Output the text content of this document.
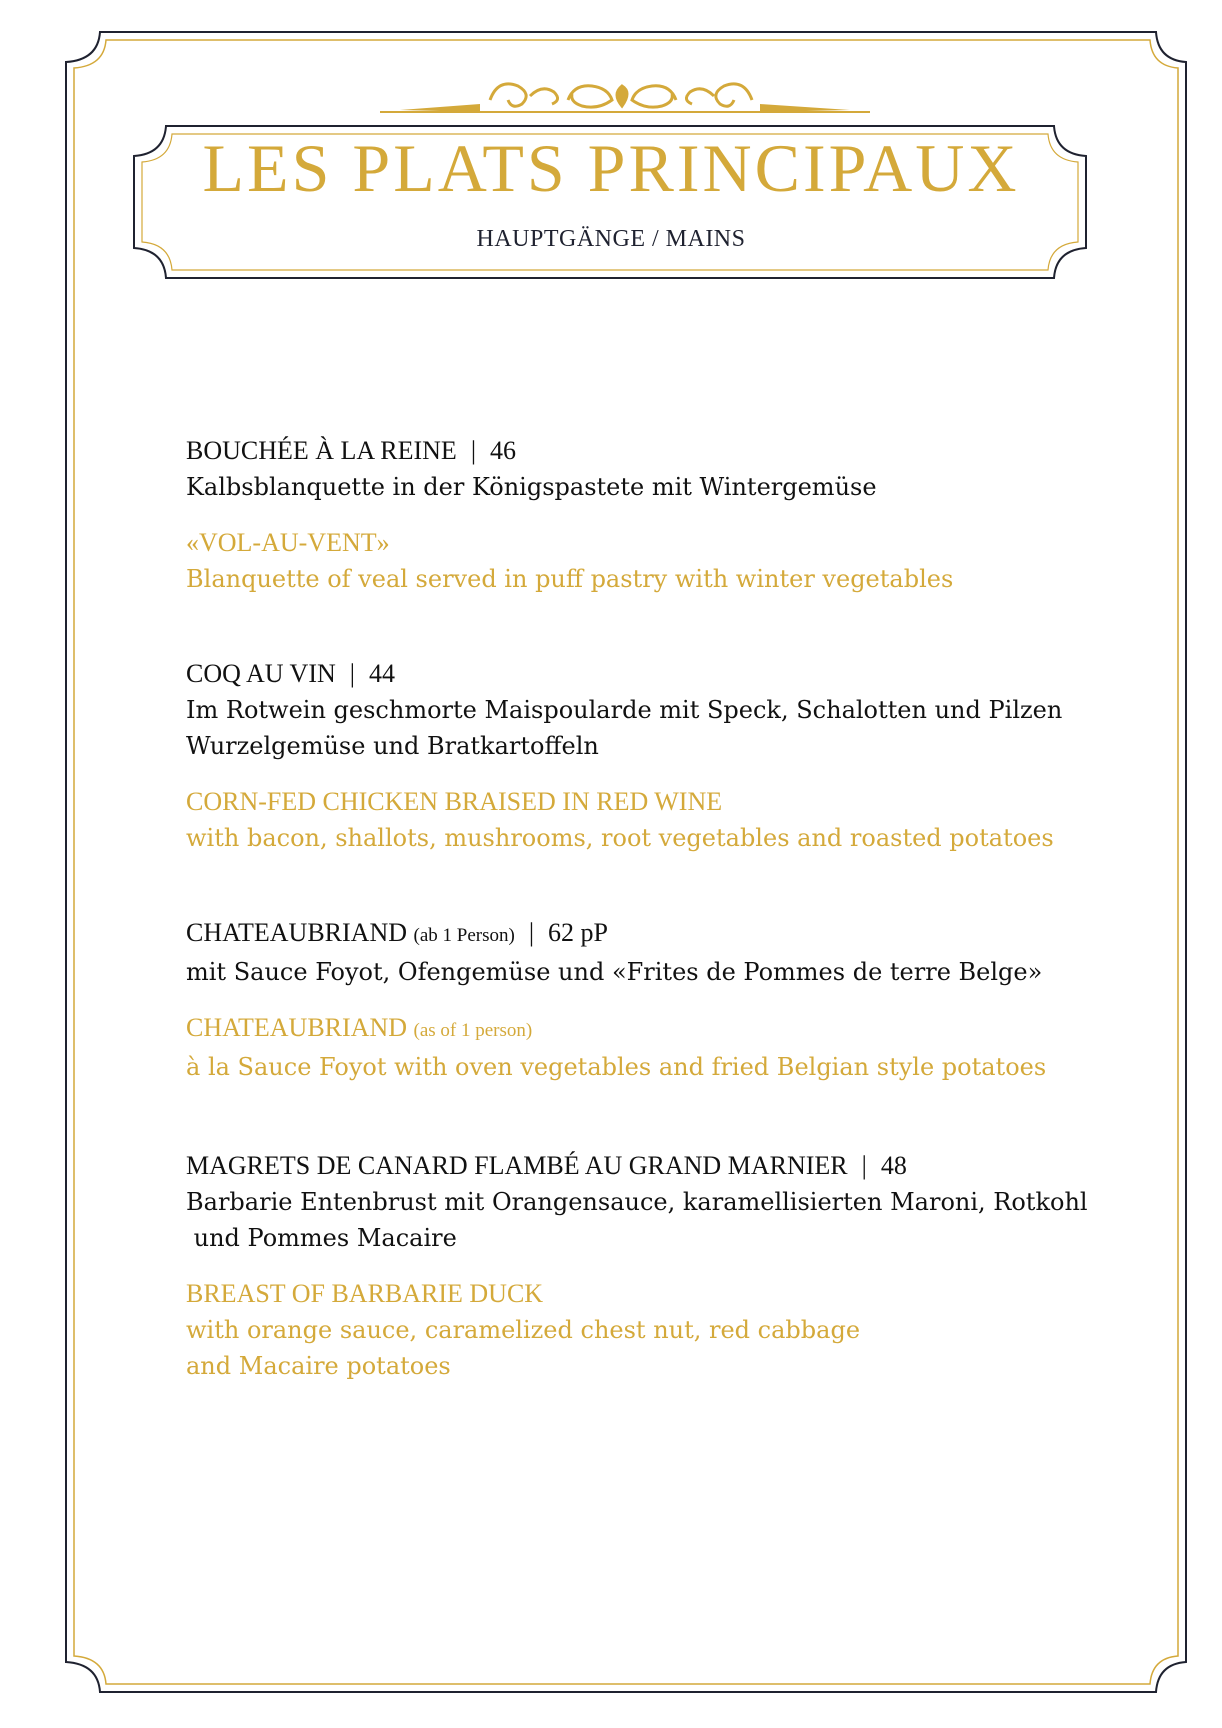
LES PLATS PRINCIPAUX
HAUPTGÄNGE / MAINS
BOUCHÉE À LA REINE | 46
Kalbsblanquette in der Königspastete mit Wintergemüse
«VOL-AU-VENT»
Blanquette of veal served in puff pastry with winter vegetables
COQ AU VIN | 44
Im Rotwein geschmorte Maispoularde mit Speck, Schalotten und Pilzen
Wurzelgemüse und Bratkartoffeln
CORN-FED CHICKEN BRAISED IN RED WINE
with bacon, shallots, mushrooms, root vegetables and roasted potatoes
CHATEAUBRIAND (ab 1 Person) | 62 pP
mit Sauce Foyot, Ofengemüse und «Frites de Pommes de terre Belge»
CHATEAUBRIAND (as of 1 person)
à la Sauce Foyot with oven vegetables and fried Belgian style potatoes
MAGRETS DE CANARD FLAMBÉ AU GRAND MARNIER | 48
Barbarie Entenbrust mit Orangensauce, karamellisierten Maroni, Rotkohl
und Pommes Macaire
BREAST OF BARBARIE DUCK
with orange sauce, caramelized chest nut, red cabbage
and Macaire potatoes
